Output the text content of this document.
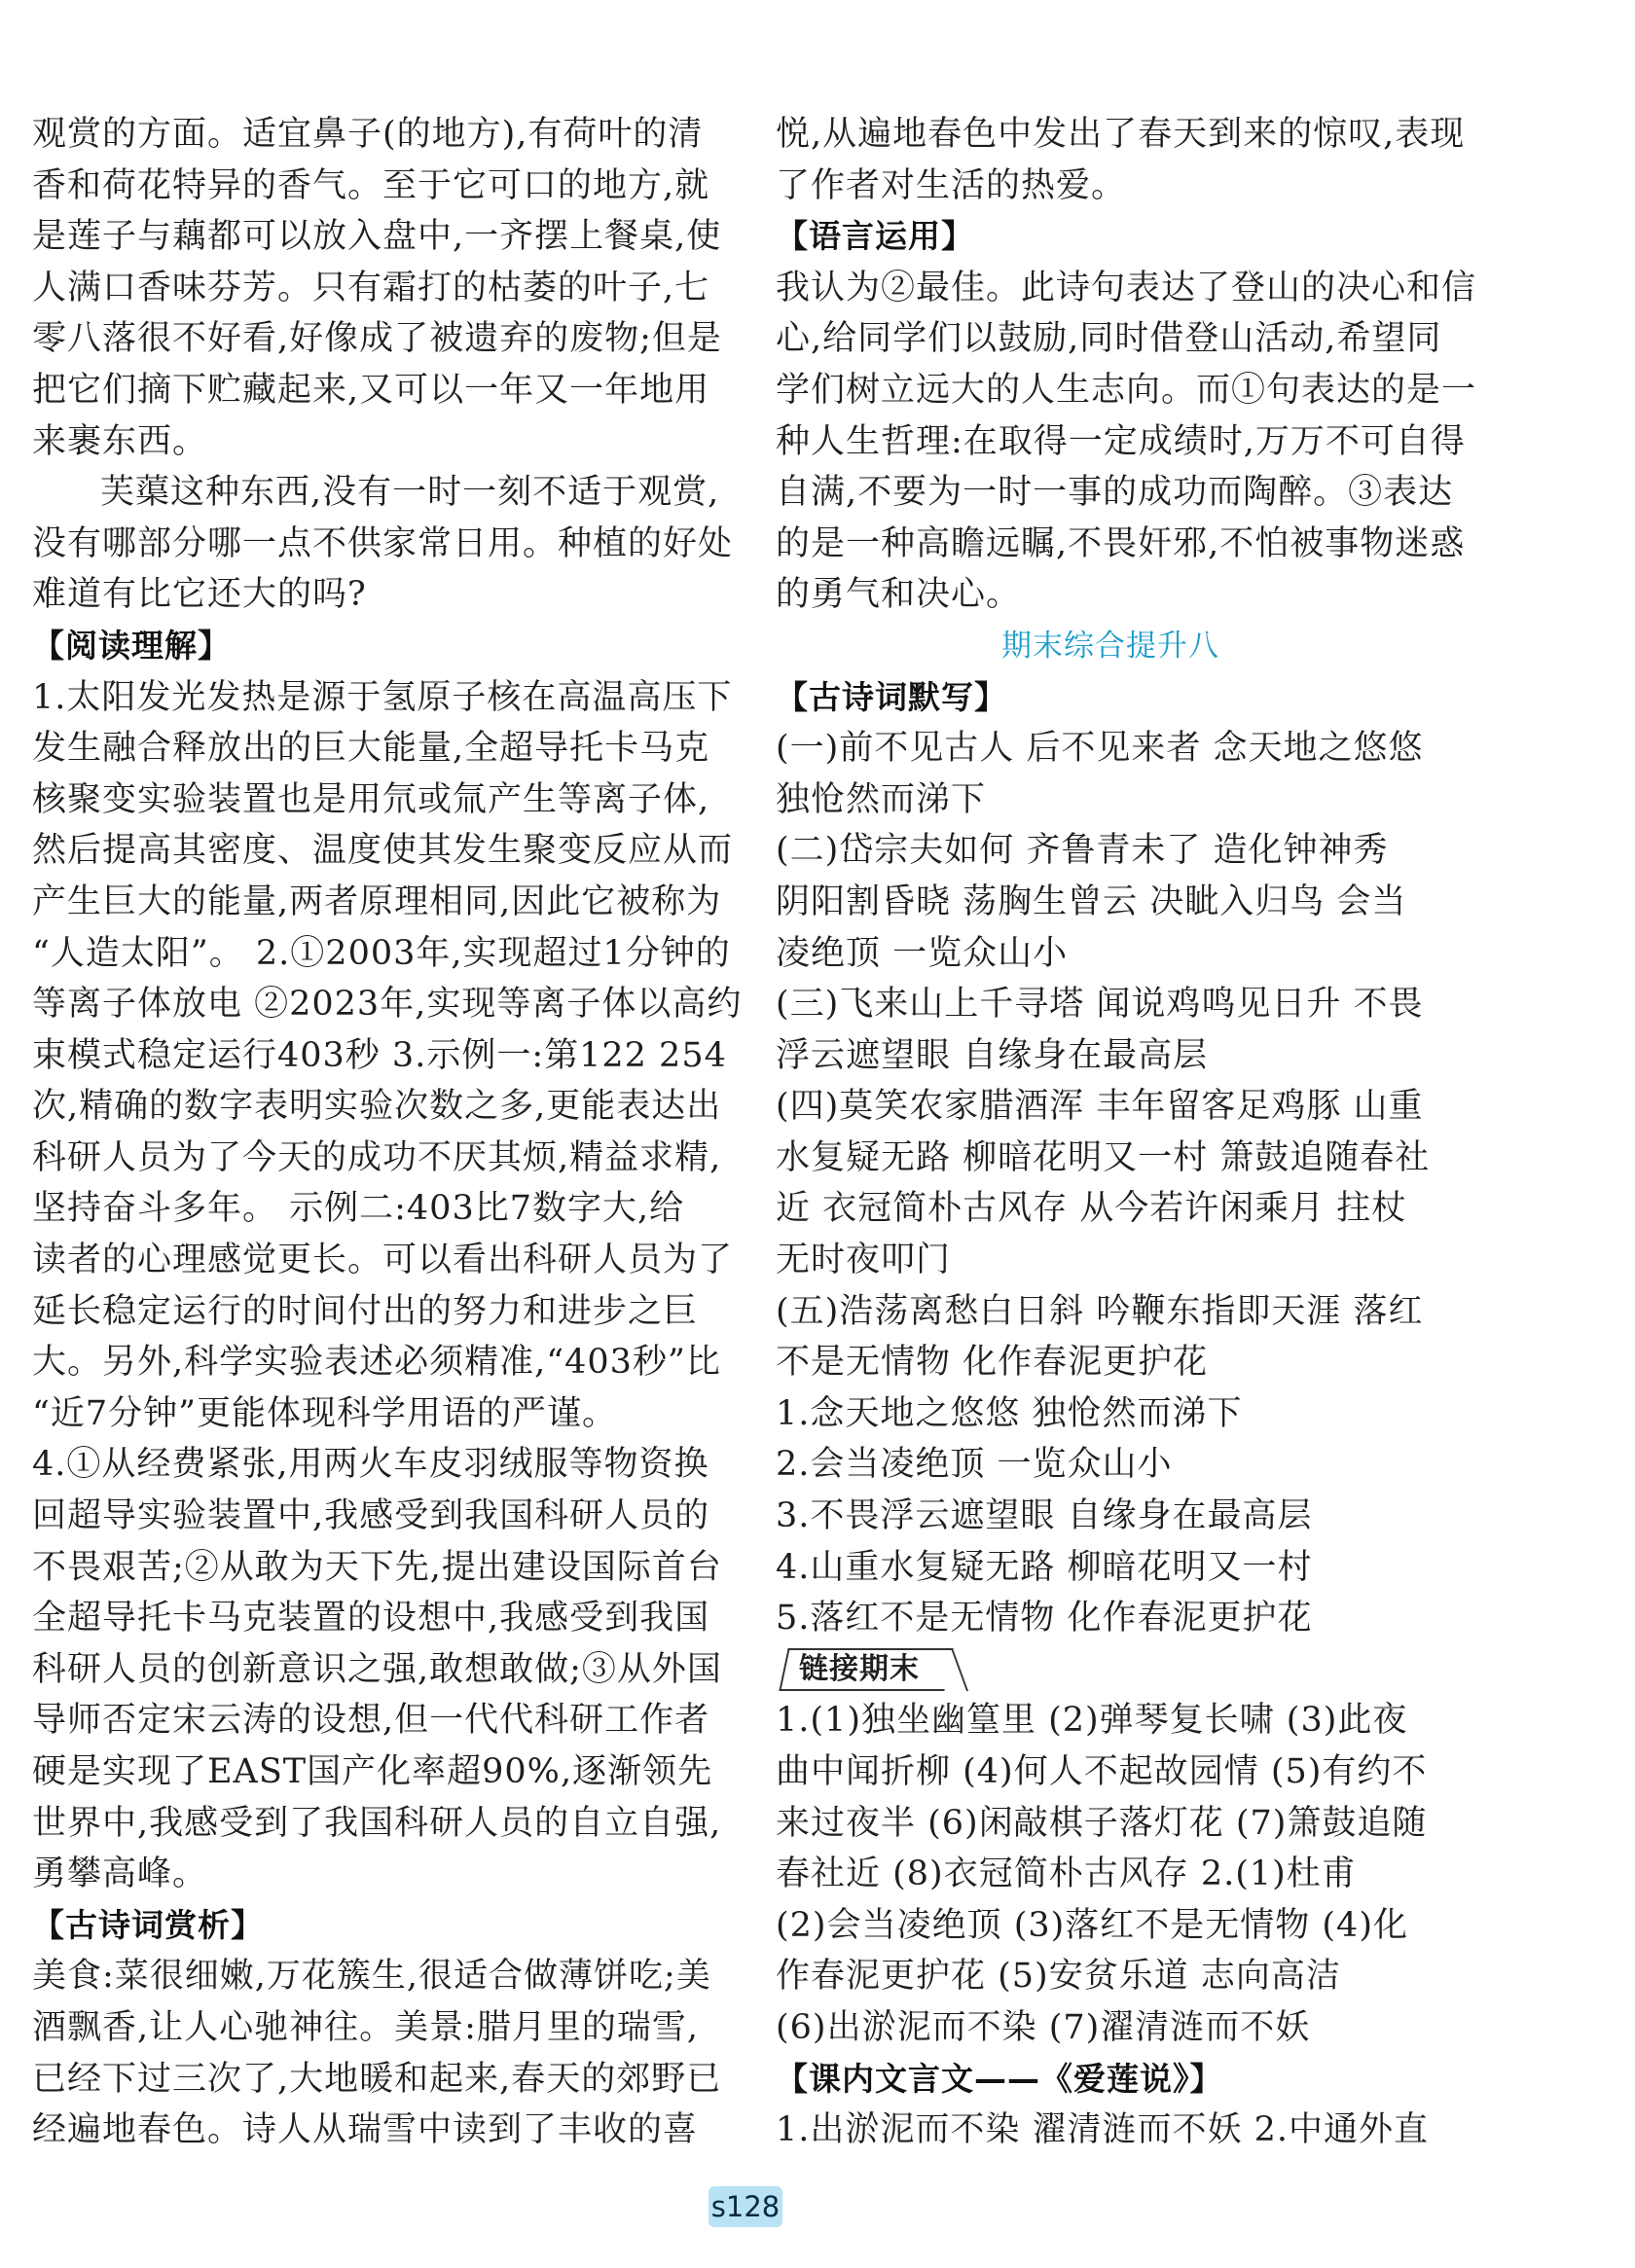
观赏的方面。适宜鼻子(的地方),有荷叶的清
香和荷花特异的香气。至于它可口的地方,就
是莲子与藕都可以放入盘中,一齐摆上餐桌,使
人满口香味芬芳。只有霜打的枯萎的叶子,七
零八落很不好看,好像成了被遗弃的废物;但是
把它们摘下贮藏起来,又可以一年又一年地用
来裹东西。
芙蕖这种东西,没有一时一刻不适于观赏,
没有哪部分哪一点不供家常日用。种植的好处
难道有比它还大的吗?
【阅读理解】
1.太阳发光发热是源于氢原子核在高温高压下
发生融合释放出的巨大能量,全超导托卡马克
核聚变实验装置也是用氘或氚产生等离子体,
然后提高其密度、温度使其发生聚变反应从而
产生巨大的能量,两者原理相同,因此它被称为
“人造太阳”。 2.①2003年,实现超过1分钟的
等离子体放电 ②2023年,实现等离子体以高约
束模式稳定运行403秒 3.示例一:第122 254
次,精确的数字表明实验次数之多,更能表达出
科研人员为了今天的成功不厌其烦,精益求精,
坚持奋斗多年。 示例二:403比7数字大,给
读者的心理感觉更长。可以看出科研人员为了
延长稳定运行的时间付出的努力和进步之巨
大。另外,科学实验表述必须精准,“403秒”比
“近7分钟”更能体现科学用语的严谨。
4.①从经费紧张,用两火车皮羽绒服等物资换
回超导实验装置中,我感受到我国科研人员的
不畏艰苦;②从敢为天下先,提出建设国际首台
全超导托卡马克装置的设想中,我感受到我国
科研人员的创新意识之强,敢想敢做;③从外国
导师否定宋云涛的设想,但一代代科研工作者
硬是实现了EAST国产化率超90%,逐渐领先
世界中,我感受到了我国科研人员的自立自强,
勇攀高峰。
【古诗词赏析】
美食:菜很细嫩,万花簇生,很适合做薄饼吃;美
酒飘香,让人心驰神往。美景:腊月里的瑞雪,
已经下过三次了,大地暖和起来,春天的郊野已
经遍地春色。诗人从瑞雪中读到了丰收的喜
悦,从遍地春色中发出了春天到来的惊叹,表现
了作者对生活的热爱。
【语言运用】
我认为②最佳。此诗句表达了登山的决心和信
心,给同学们以鼓励,同时借登山活动,希望同
学们树立远大的人生志向。而①句表达的是一
种人生哲理:在取得一定成绩时,万万不可自得
自满,不要为一时一事的成功而陶醉。③表达
的是一种高瞻远瞩,不畏奸邪,不怕被事物迷惑
的勇气和决心。
期末综合提升八
【古诗词默写】
(一)前不见古人 后不见来者 念天地之悠悠
独怆然而涕下
(二)岱宗夫如何 齐鲁青未了 造化钟神秀
阴阳割昏晓 荡胸生曾云 决眦入归鸟 会当
凌绝顶 一览众山小
(三)飞来山上千寻塔 闻说鸡鸣见日升 不畏
浮云遮望眼 自缘身在最高层
(四)莫笑农家腊酒浑 丰年留客足鸡豚 山重
水复疑无路 柳暗花明又一村 箫鼓追随春社
近 衣冠简朴古风存 从今若许闲乘月 拄杖
无时夜叩门
(五)浩荡离愁白日斜 吟鞭东指即天涯 落红
不是无情物 化作春泥更护花
1.念天地之悠悠 独怆然而涕下
2.会当凌绝顶 一览众山小
3.不畏浮云遮望眼 自缘身在最高层
4.山重水复疑无路 柳暗花明又一村
5.落红不是无情物 化作春泥更护花
链接期末
1.(1)独坐幽篁里 (2)弹琴复长啸 (3)此夜
曲中闻折柳 (4)何人不起故园情 (5)有约不
来过夜半 (6)闲敲棋子落灯花 (7)箫鼓追随
春社近 (8)衣冠简朴古风存 2.(1)杜甫
(2)会当凌绝顶 (3)落红不是无情物 (4)化
作春泥更护花 (5)安贫乐道 志向高洁
(6)出淤泥而不染 (7)濯清涟而不妖
【课内文言文——《爱莲说》】
1.出淤泥而不染 濯清涟而不妖 2.中通外直
s128
